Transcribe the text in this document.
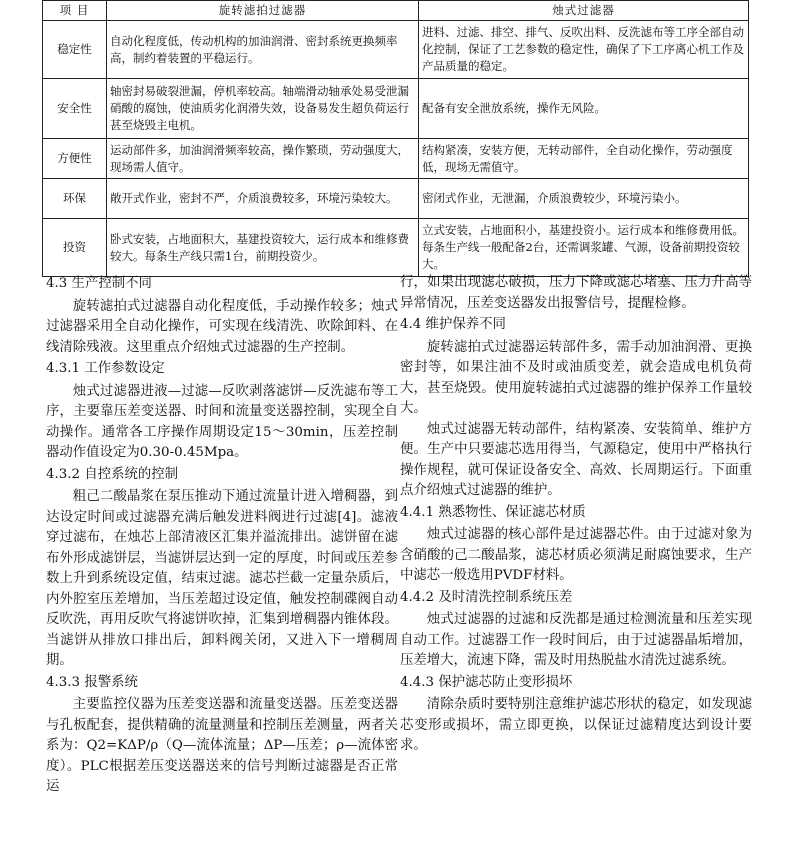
项 目	旋转滤拍过滤器	烛式过滤器
稳定性	自动化程度低，传动机构的加油润滑、密封系统更换频率高，制约着装置的平稳运行。	进料、过滤、排空、排气、反吹出料、反洗滤布等工序全部自动化控制，保证了工艺参数的稳定性，确保了下工序离心机工作及产品质量的稳定。
安全性	轴密封易破裂泄漏，停机率较高。轴端滑动轴承处易受泄漏硝酸的腐蚀，使油质劣化润滑失效，设备易发生超负荷运行甚至烧毁主电机。	配备有安全泄放系统，操作无风险。
方便性	运动部件多，加油润滑频率较高，操作繁琐，劳动强度大，现场需人值守。	结构紧凑，安装方便，无转动部件，全自动化操作，劳动强度低，现场无需值守。
环保	敞开式作业，密封不严，介质浪费较多，环境污染较大。	密闭式作业，无泄漏，介质浪费较少，环境污染小。
投资	卧式安装，占地面积大，基建投资较大，运行成本和维修费较大。每条生产线只需1台，前期投资少。	立式安装，占地面积小，基建投资小。运行成本和维修费用低。每条生产线一般配备2台，还需调浆罐、气源，设备前期投资较大。
4.3 生产控制不同

旋转滤拍式过滤器自动化程度低，手动操作较多；烛式过滤器采用全自动化操作，可实现在线清洗、吹除卸料、在线清除残液。这里重点介绍烛式过滤器的生产控制。

4.3.1 工作参数设定

烛式过滤器进液—过滤—反吹剥落滤饼—反洗滤布等工序，主要靠压差变送器、时间和流量变送器控制，实现全自动操作。通常各工序操作周期设定15～30min，压差控制器动作值设定为0.30-0.45Mpa。

4.3.2 自控系统的控制

粗己二酸晶浆在泵压推动下通过流量计进入增稠器，到达设定时间或过滤器充满后触发进料阀进行过滤[4]。滤液穿过滤布，在烛芯上部清液区汇集并溢流排出。滤饼留在滤布外形成滤饼层，当滤饼层达到一定的厚度，时间或压差参数上升到系统设定值，结束过滤。滤芯拦截一定量杂质后，内外腔室压差增加，当压差超过设定值，触发控制碟阀自动反吹洗，再用反吹气将滤饼吹掉，汇集到增稠器内锥体段。当滤饼从排放口排出后，卸料阀关闭，又进入下一增稠周期。

4.3.3 报警系统

主要监控仪器为压差变送器和流量变送器。压差变送器与孔板配套，提供精确的流量测量和控制压差测量，两者关系为：Q2=KΔP/ρ（Q—流体流量；ΔP—压差；ρ—流体密度）。PLC根据差压变送器送来的信号判断过滤器是否正常运

行，如果出现滤芯破损，压力下降或滤芯堵塞、压力升高等异常情况，压差变送器发出报警信号，提醒检修。

4.4 维护保养不同

旋转滤拍式过滤器运转部件多，需手动加油润滑、更换密封等，如果注油不及时或油质变差，就会造成电机负荷大，甚至烧毁。使用旋转滤拍式过滤器的维护保养工作量较大。

烛式过滤器无转动部件，结构紧凑、安装简单、维护方便。生产中只要滤芯选用得当，气源稳定，使用中严格执行操作规程，就可保证设备安全、高效、长周期运行。下面重点介绍烛式过滤器的维护。

4.4.1 熟悉物性、保证滤芯材质

烛式过滤器的核心部件是过滤器芯件。由于过滤对象为含硝酸的己二酸晶浆，滤芯材质必须满足耐腐蚀要求，生产中滤芯一般选用PVDF材料。

4.4.2 及时清洗控制系统压差

烛式过滤器的过滤和反洗都是通过检测流量和压差实现自动工作。过滤器工作一段时间后，由于过滤器晶垢增加，压差增大，流速下降，需及时用热脱盐水清洗过滤系统。

4.4.3 保护滤芯防止变形损坏

清除杂质时要特别注意维护滤芯形状的稳定，如发现滤芯变形或损坏，需立即更换，以保证过滤精度达到设计要求。
